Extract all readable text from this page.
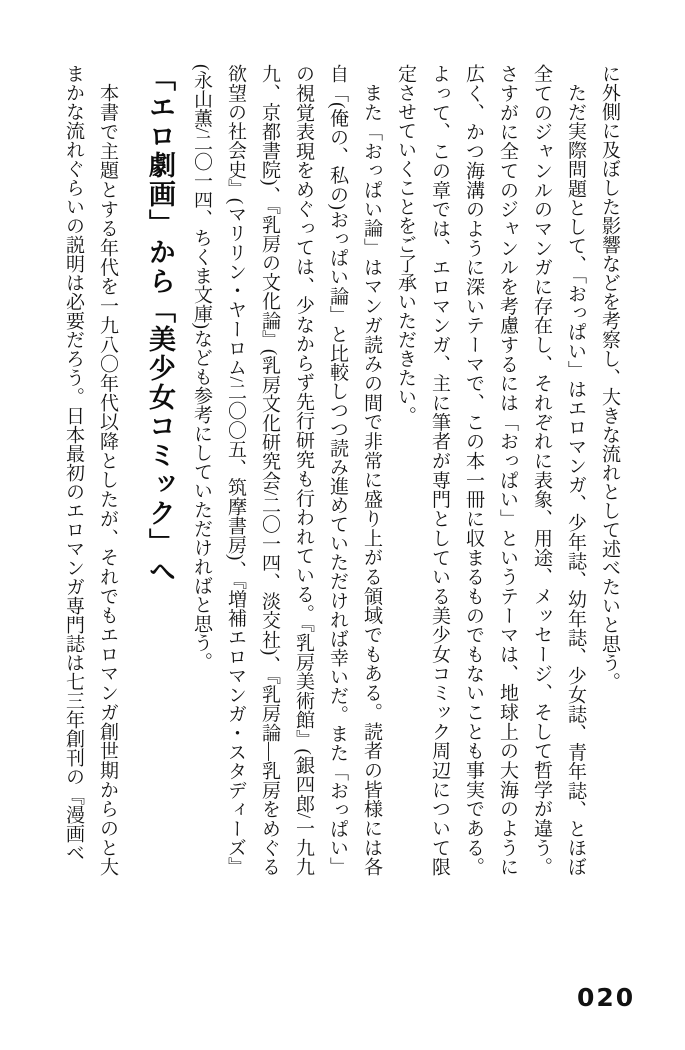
に外側に及ぼした影響などを考察し、大きな流れとして述べたいと思う。

ただ実際問題として、「おっぱい」はエロマンガ、少年誌、幼年誌、少女誌、青年誌、とほぼ全てのジャンルのマンガに存在し、それぞれに表象、用途、メッセージ、そして哲学が違う。さすがに全てのジャンルを考慮するには「おっぱい」というテーマは、地球上の大海のように広く、かつ海溝のように深いテーマで、この本一冊に収まるものでもないことも事実である。よって、この章では、エロマンガ、主に筆者が専門としている美少女コミック周辺について限定させていくことをご了承いただきたい。

また「おっぱい論」はマンガ読みの間で非常に盛り上がる領域でもある。読者の皆様には各自「(俺の、私の)おっぱい論」と比較しつつ読み進めていただければ幸いだ。また「おっぱい」の視覚表現をめぐっては、少なからず先行研究も行われている。『乳房美術館』(銀四郎/一九九九、京都書院)、『乳房の文化論』(乳房文化研究会/二〇一四、淡交社)、『乳房論―乳房をめぐる欲望の社会史』(マリリン・ヤーロム/二〇〇五、筑摩書房)、『増補エロマンガ・スタディーズ』(永山薫/二〇一四、ちくま文庫)なども参考にしていただければと思う。

「エロ劇画」から「美少女コミック」へ

本書で主題とする年代を一九八〇年代以降としたが、それでもエロマンガ創世期からのと大まかな流れぐらいの説明は必要だろう。日本最初のエロマンガ専門誌は七三年創刊の『漫画ベ

020
